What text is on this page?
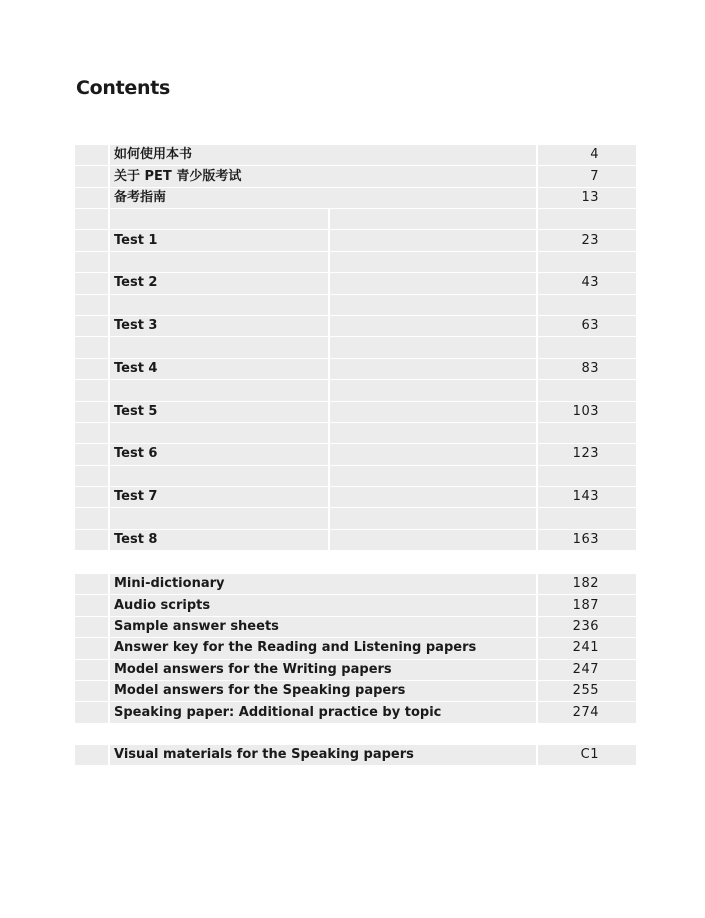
Contents
	如何使用本书	4
	关于 PET 青少版考试	7
	备考指南	13

	Test 1		23

	Test 2		43

	Test 3		63

	Test 4		83

	Test 5		103

	Test 6		123

	Test 7		143

	Test 8		163
	Mini-dictionary	182
	Audio scripts	187
	Sample answer sheets	236
	Answer key for the Reading and Listening papers	241
	Model answers for the Writing papers	247
	Model answers for the Speaking papers	255
	Speaking paper: Additional practice by topic	274
	Visual materials for the Speaking papers	C1
